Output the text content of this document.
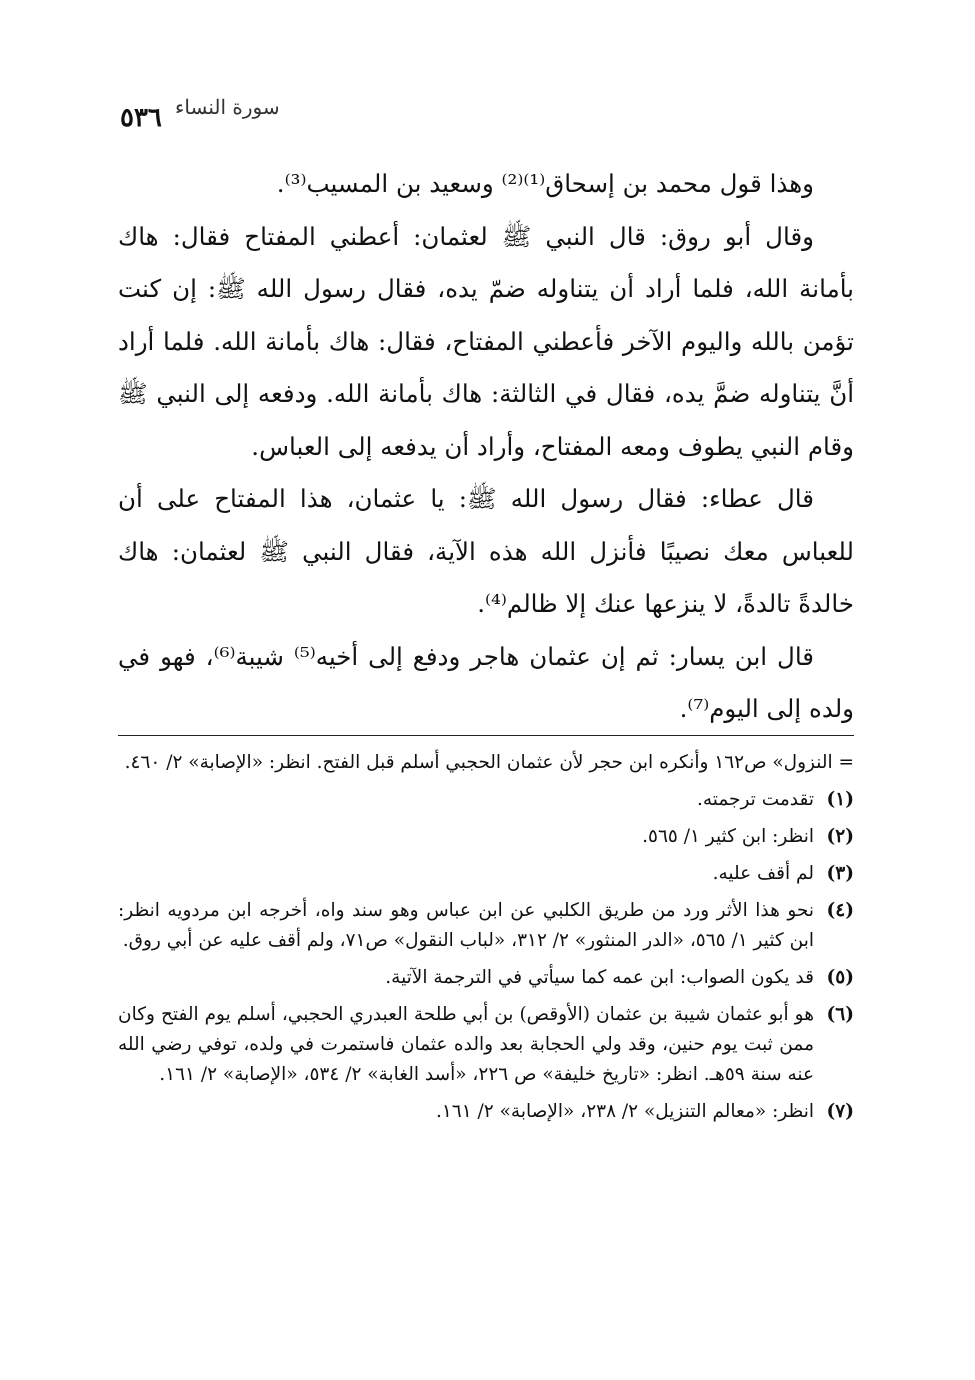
٥٣٦ سورة النساء

وهذا قول محمد بن إسحاق⁽¹⁾⁽²⁾ وسعيد بن المسيب⁽³⁾.

وقال أبو روق: قال النبي ﷺ لعثمان: أعطني المفتاح فقال: هاك بأمانة الله، فلما أراد أن يتناوله ضمّ يده، فقال رسول الله ﷺ: إن كنت تؤمن بالله واليوم الآخر فأعطني المفتاح، فقال: هاك بأمانة الله. فلما أراد أنَّ يتناوله ضمَّ يده، فقال في الثالثة: هاك بأمانة الله. ودفعه إلى النبي ﷺ وقام النبي يطوف ومعه المفتاح، وأراد أن يدفعه إلى العباس.

قال عطاء: فقال رسول الله ﷺ: يا عثمان، هذا المفتاح على أن للعباس معك نصيبًا فأنزل الله هذه الآية، فقال النبي ﷺ لعثمان: هاك خالدةً تالدةً، لا ينزعها عنك إلا ظالم⁽⁴⁾.

قال ابن يسار: ثم إن عثمان هاجر ودفع إلى أخيه⁽⁵⁾ شيبة⁽⁶⁾، فهو في ولده إلى اليوم⁽⁷⁾.

= النزول» ص١٦٢ وأنكره ابن حجر لأن عثمان الحجبي أسلم قبل الفتح. انظر: «الإصابة» ٢/ ٤٦٠.
(١)
تقدمت ترجمته.
(٢)
انظر: ابن كثير ١/ ٥٦٥.
(٣)
لم أقف عليه.
(٤)
نحو هذا الأثر ورد من طريق الكلبي عن ابن عباس وهو سند واه، أخرجه ابن مردويه انظر: ابن كثير ١/ ٥٦٥، «الدر المنثور» ٢/ ٣١٢، «لباب النقول» ص٧١، ولم أقف عليه عن أبي روق.
(٥)
قد يكون الصواب: ابن عمه كما سيأتي في الترجمة الآتية.
(٦)
هو أبو عثمان شيبة بن عثمان (الأوقص) بن أبي طلحة العبدري الحجبي، أسلم يوم الفتح وكان ممن ثبت يوم حنين، وقد ولي الحجابة بعد والده عثمان فاستمرت في ولده، توفي رضي الله عنه سنة ٥٩هـ. انظر: «تاريخ خليفة» ص ٢٢٦، «أسد الغابة» ٢/ ٥٣٤، «الإصابة» ٢/ ١٦١.
(٧)
انظر: «معالم التنزيل» ٢/ ٢٣٨، «الإصابة» ٢/ ١٦١.
